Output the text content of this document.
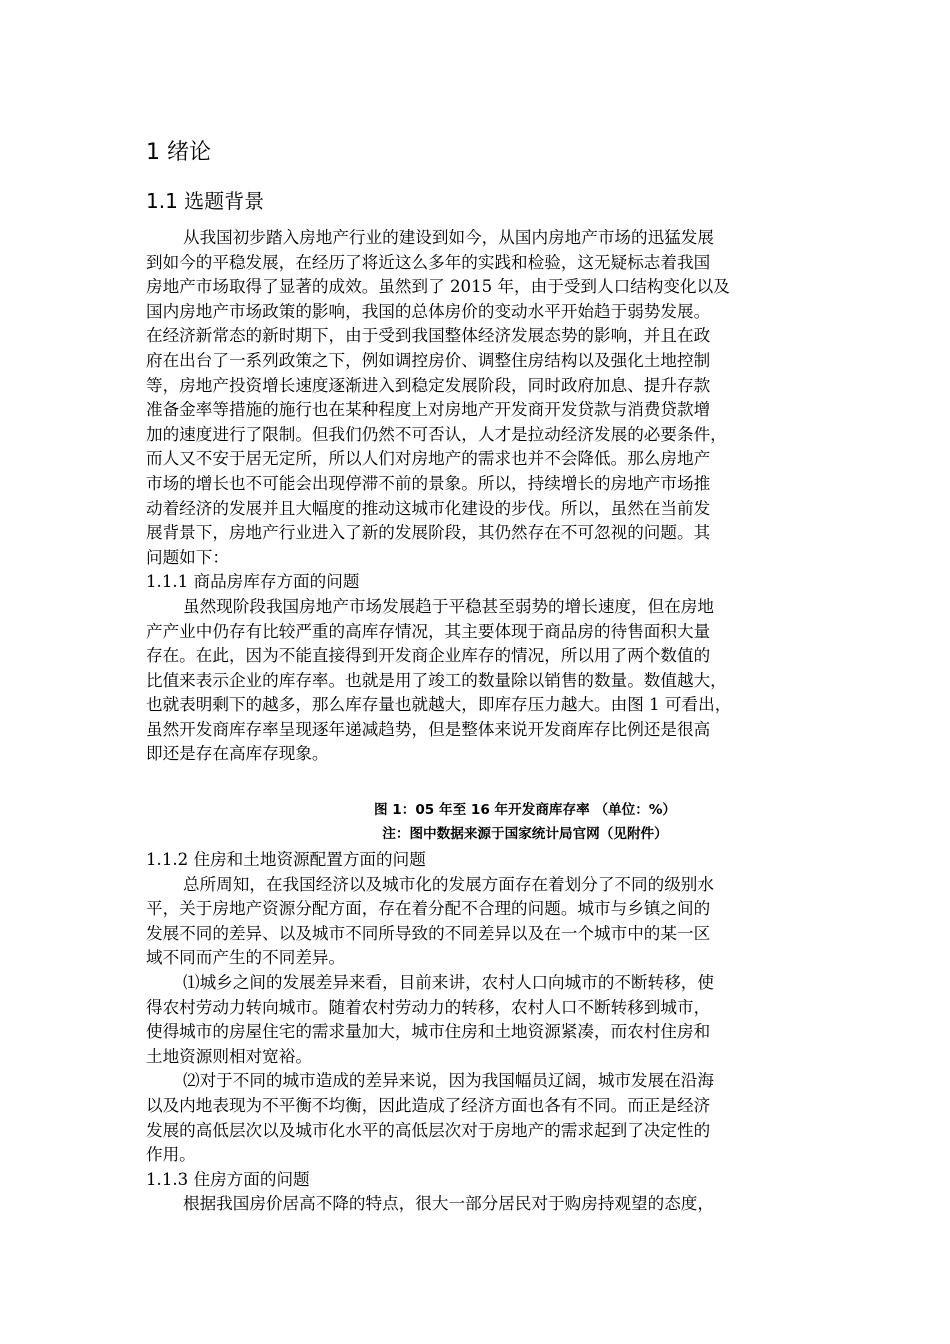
1 绪论
1.1 选题背景
从我国初步踏入房地产行业的建设到如今，从国内房地产市场的迅猛发展
到如今的平稳发展，在经历了将近这么多年的实践和检验，这无疑标志着我国
房地产市场取得了显著的成效。虽然到了 2015 年，由于受到人口结构变化以及
国内房地产市场政策的影响，我国的总体房价的变动水平开始趋于弱势发展。
在经济新常态的新时期下，由于受到我国整体经济发展态势的影响，并且在政
府在出台了一系列政策之下，例如调控房价、调整住房结构以及强化土地控制
等，房地产投资增长速度逐渐进入到稳定发展阶段，同时政府加息、提升存款
准备金率等措施的施行也在某种程度上对房地产开发商开发贷款与消费贷款增
加的速度进行了限制。但我们仍然不可否认，人才是拉动经济发展的必要条件，
而人又不安于居无定所，所以人们对房地产的需求也并不会降低。那么房地产
市场的增长也不可能会出现停滞不前的景象。所以，持续增长的房地产市场推
动着经济的发展并且大幅度的推动这城市化建设的步伐。所以，虽然在当前发
展背景下，房地产行业进入了新的发展阶段，其仍然存在不可忽视的问题。其
问题如下：
1.1.1 商品房库存方面的问题
虽然现阶段我国房地产市场发展趋于平稳甚至弱势的增长速度，但在房地
产产业中仍存有比较严重的高库存情况，其主要体现于商品房的待售面积大量
存在。在此，因为不能直接得到开发商企业库存的情况，所以用了两个数值的
比值来表示企业的库存率。也就是用了竣工的数量除以销售的数量。数值越大，
也就表明剩下的越多，那么库存量也就越大，即库存压力越大。由图 1 可看出，
虽然开发商库存率呈现逐年递减趋势，但是整体来说开发商库存比例还是很高
即还是存在高库存现象。
图 1：05 年至 16 年开发商库存率 （单位：%）
注：图中数据来源于国家统计局官网（见附件）
1.1.2 住房和土地资源配置方面的问题
总所周知，在我国经济以及城市化的发展方面存在着划分了不同的级别水
平，关于房地产资源分配方面，存在着分配不合理的问题。城市与乡镇之间的
发展不同的差异、以及城市不同所导致的不同差异以及在一个城市中的某一区
域不同而产生的不同差异。
⑴城乡之间的发展差异来看，目前来讲，农村人口向城市的不断转移，使
得农村劳动力转向城市。随着农村劳动力的转移，农村人口不断转移到城市，
使得城市的房屋住宅的需求量加大，城市住房和土地资源紧凑，而农村住房和
土地资源则相对宽裕。
⑵对于不同的城市造成的差异来说，因为我国幅员辽阔，城市发展在沿海
以及内地表现为不平衡不均衡，因此造成了经济方面也各有不同。而正是经济
发展的高低层次以及城市化水平的高低层次对于房地产的需求起到了决定性的
作用。
1.1.3 住房方面的问题
根据我国房价居高不降的特点，很大一部分居民对于购房持观望的态度，
